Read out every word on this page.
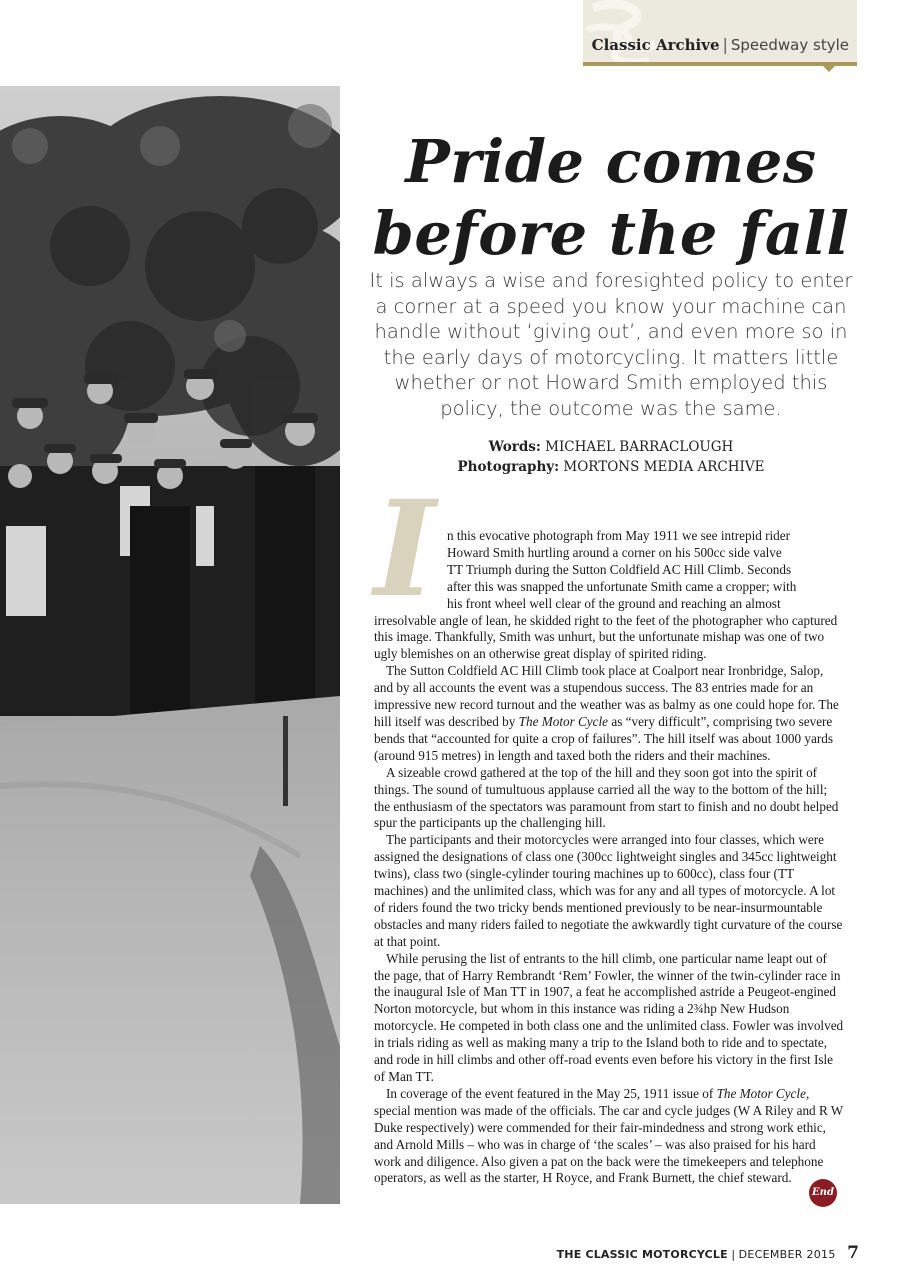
Classic Archive | Speedway style
Pride comes
before the fall
It is always a wise and foresighted policy to enter a corner at a speed you know your machine can handle without ‘giving out’, and even more so in the early days of motorcycling. It matters little whether or not Howard Smith employed this policy, the outcome was the same.
Words: MICHAEL BARRACLOUGH
Photography: MORTONS MEDIA ARCHIVE
I n this evocative photograph from May 1911 we see intrepid rider
Howard Smith hurtling around a corner on his 500cc side valve
TT Triumph during the Sutton Coldfield AC Hill Climb. Seconds
after this was snapped the unfortunate Smith came a cropper; with
his front wheel well clear of the ground and reaching an almost
irresolvable angle of lean, he skidded right to the feet of the photographer who captured this image. Thankfully, Smith was unhurt, but the unfortunate mishap was one of two ugly blemishes on an otherwise great display of spirited riding.

The Sutton Coldfield AC Hill Climb took place at Coalport near Ironbridge, Salop, and by all accounts the event was a stupendous success. The 83 entries made for an impressive new record turnout and the weather was as balmy as one could hope for. The hill itself was described by The Motor Cycle as “very difficult”, comprising two severe bends that “accounted for quite a crop of failures”. The hill itself was about 1000 yards (around 915 metres) in length and taxed both the riders and their machines.

A sizeable crowd gathered at the top of the hill and they soon got into the spirit of things. The sound of tumultuous applause carried all the way to the bottom of the hill; the enthusiasm of the spectators was paramount from start to finish and no doubt helped spur the participants up the challenging hill.

The participants and their motorcycles were arranged into four classes, which were assigned the designations of class one (300cc lightweight singles and 345cc lightweight twins), class two (single-cylinder touring machines up to 600cc), class four (TT machines) and the unlimited class, which was for any and all types of motorcycle. A lot of riders found the two tricky bends mentioned previously to be near-insurmountable obstacles and many riders failed to negotiate the awkwardly tight curvature of the course at that point.

While perusing the list of entrants to the hill climb, one particular name leapt out of the page, that of Harry Rembrandt ‘Rem’ Fowler, the winner of the twin-cylinder race in the inaugural Isle of Man TT in 1907, a feat he accomplished astride a Peugeot-engined Norton motorcycle, but whom in this instance was riding a 2¾hp New Hudson motorcycle. He competed in both class one and the unlimited class. Fowler was involved in trials riding as well as making many a trip to the Island both to ride and to spectate, and rode in hill climbs and other off-road events even before his victory in the first Isle of Man TT.

In coverage of the event featured in the May 25, 1911 issue of The Motor Cycle, special mention was made of the officials. The car and cycle judges (W A Riley and R W Duke respectively) were commended for their fair-mindedness and strong work ethic, and Arnold Mills – who was in charge of ‘the scales’ – was also praised for his hard work and diligence. Also given a pat on the back were the timekeepers and telephone operators, as well as the starter, H Royce, and Frank Burnett, the chief steward.

End
THE CLASSIC MOTORCYCLE | DECEMBER 2015 7
